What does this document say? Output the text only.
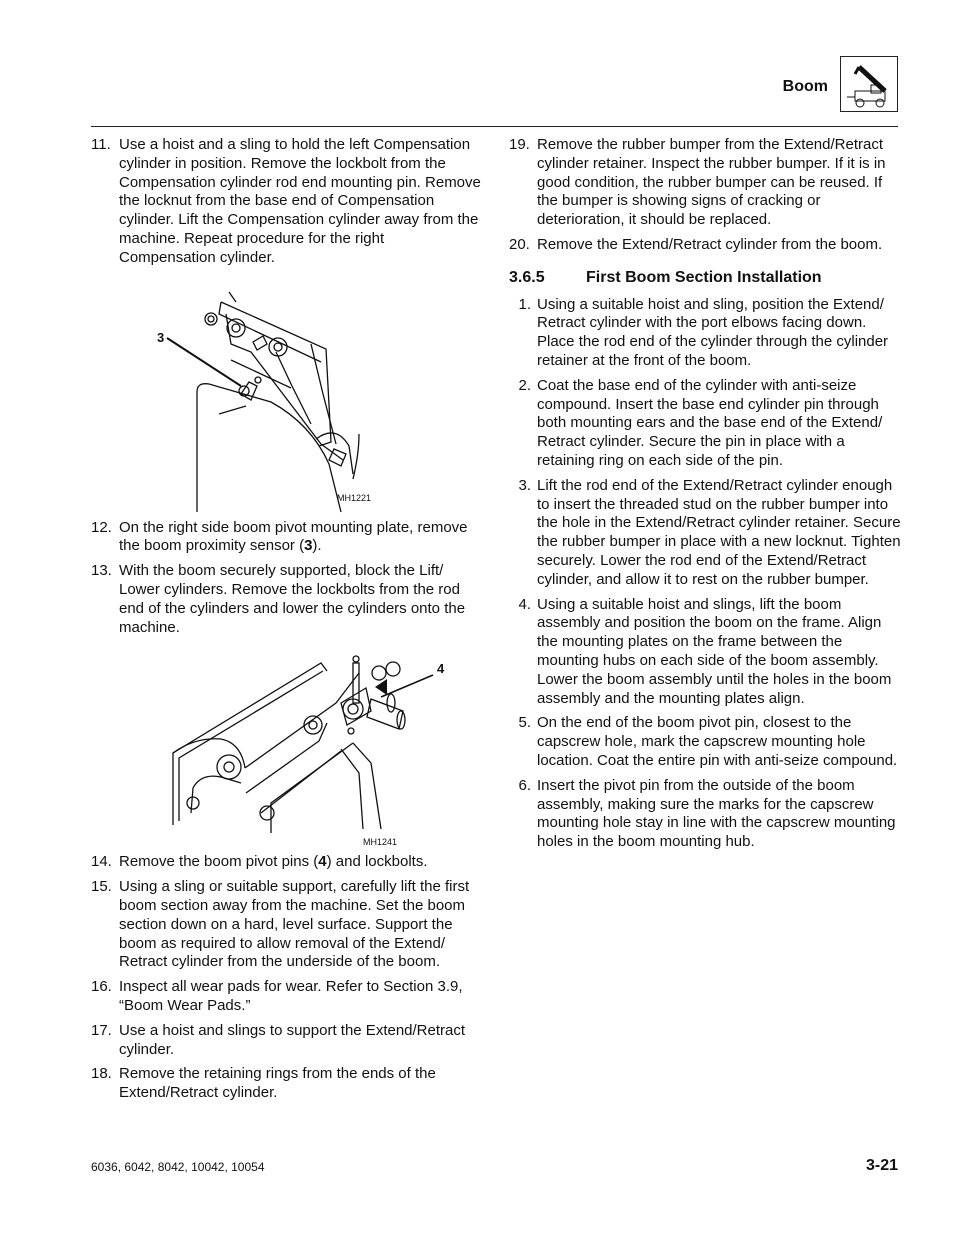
Boom
11. Use a hoist and a sling to hold the left Compensation cylinder in position. Remove the lockbolt from the Compensation cylinder rod end mounting pin. Remove the locknut from the base end of Compensation cylinder. Lift the Compensation cylinder away from the machine. Repeat procedure for the right Compensation cylinder.
3
MH1221
12. On the right side boom pivot mounting plate, remove the boom proximity sensor (3).
13. With the boom securely supported, block the Lift/ Lower cylinders. Remove the lockbolts from the rod end of the cylinders and lower the cylinders onto the machine.
4
MH1241
14. Remove the boom pivot pins (4) and lockbolts.
15. Using a sling or suitable support, carefully lift the first boom section away from the machine. Set the boom section down on a hard, level surface. Support the boom as required to allow removal of the Extend/ Retract cylinder from the underside of the boom.
16. Inspect all wear pads for wear. Refer to Section 3.9, “Boom Wear Pads.”
17. Use a hoist and slings to support the Extend/Retract cylinder.
18. Remove the retaining rings from the ends of the Extend/Retract cylinder.
19. Remove the rubber bumper from the Extend/Retract cylinder retainer. Inspect the rubber bumper. If it is in good condition, the rubber bumper can be reused. If the bumper is showing signs of cracking or deterioration, it should be replaced.
20. Remove the Extend/Retract cylinder from the boom.
3.6.5	First Boom Section Installation
1. Using a suitable hoist and sling, position the Extend/ Retract cylinder with the port elbows facing down. Place the rod end of the cylinder through the cylinder retainer at the front of the boom.
2. Coat the base end of the cylinder with anti-seize compound. Insert the base end cylinder pin through both mounting ears and the base end of the Extend/ Retract cylinder. Secure the pin in place with a retaining ring on each side of the pin.
3. Lift the rod end of the Extend/Retract cylinder enough to insert the threaded stud on the rubber bumper into the hole in the Extend/Retract cylinder retainer. Secure the rubber bumper in place with a new locknut. Tighten securely. Lower the rod end of the Extend/Retract cylinder, and allow it to rest on the rubber bumper.
4. Using a suitable hoist and slings, lift the boom assembly and position the boom on the frame. Align the mounting plates on the frame between the mounting hubs on each side of the boom assembly. Lower the boom assembly until the holes in the boom assembly and the mounting plates align.
5. On the end of the boom pivot pin, closest to the capscrew hole, mark the capscrew mounting hole location. Coat the entire pin with anti-seize compound.
6. Insert the pivot pin from the outside of the boom assembly, making sure the marks for the capscrew mounting hole stay in line with the capscrew mounting holes in the boom mounting hub.
6036, 6042, 8042, 10042, 10054	3-21
